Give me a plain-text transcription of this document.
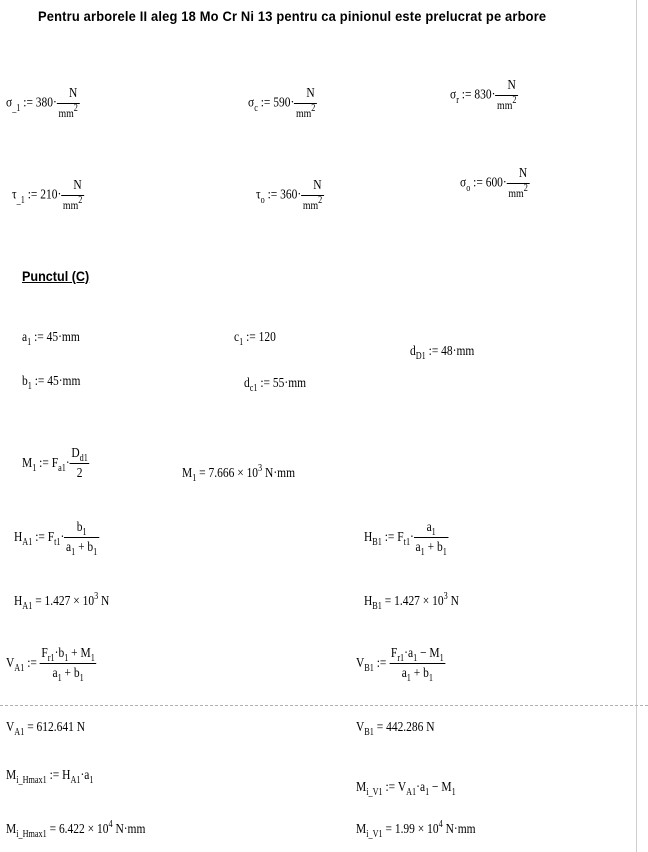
Pentru arborele II aleg 18 Mo Cr Ni 13 pentru ca pinionul este prelucrat pe arbore
$\sigma_{\_1}$ := $380\cdot \frac{N}{mm^2}$	$\sigma_c$ := $590\cdot \frac{N}{mm^2}$	$\sigma_r$ := $830\cdot \frac{N}{mm^2}$
$\tau_{\_1}$ := $210\cdot \frac{N}{mm^2}$	$\tau_o$ := $360\cdot \frac{N}{mm^2}$	$\sigma_o$ := $600\cdot \frac{N}{mm^2}$
Punctul (C)
$a_1$ := 45·mm
$b_1$ := 45·mm
$c_1$ := 120
$d_{c1}$ := 55·mm
$d_{D1}$ := 48·mm
$M_1$ := $F_{a1}\cdot \frac{D_{d1}}{2}$	$M_1 = 7.666 \times 10^3$ N·mm
$H_{A1}$ := $F_{t1}\cdot \frac{b_1}{a_1 + b_1}$
$H_{A1} = 1.427 \times 10^3$ N
$H_{B1}$ := $F_{t1}\cdot \frac{a_1}{a_1 + b_1}$
$H_{B1} = 1.427 \times 10^3$ N
$V_{A1}$ := $\frac{F_{r1}\cdot b_1 + M_1}{a_1 + b_1}$
$V_{A1} = 612.641$ N
$V_{B1}$ := $\frac{F_{r1}\cdot a_1 - M_1}{a_1 + b_1}$
$V_{B1} = 442.286$ N
$M_{i\_Hmax1}$ := $H_{A1}\cdot a_1$
$M_{i\_Hmax1} = 6.422 \times 10^4$ N·mm
$M_{i\_V1}$ := $V_{A1}\cdot a_1 - M_1$
$M_{i\_V1} = 1.99 \times 10^4$ N·mm
